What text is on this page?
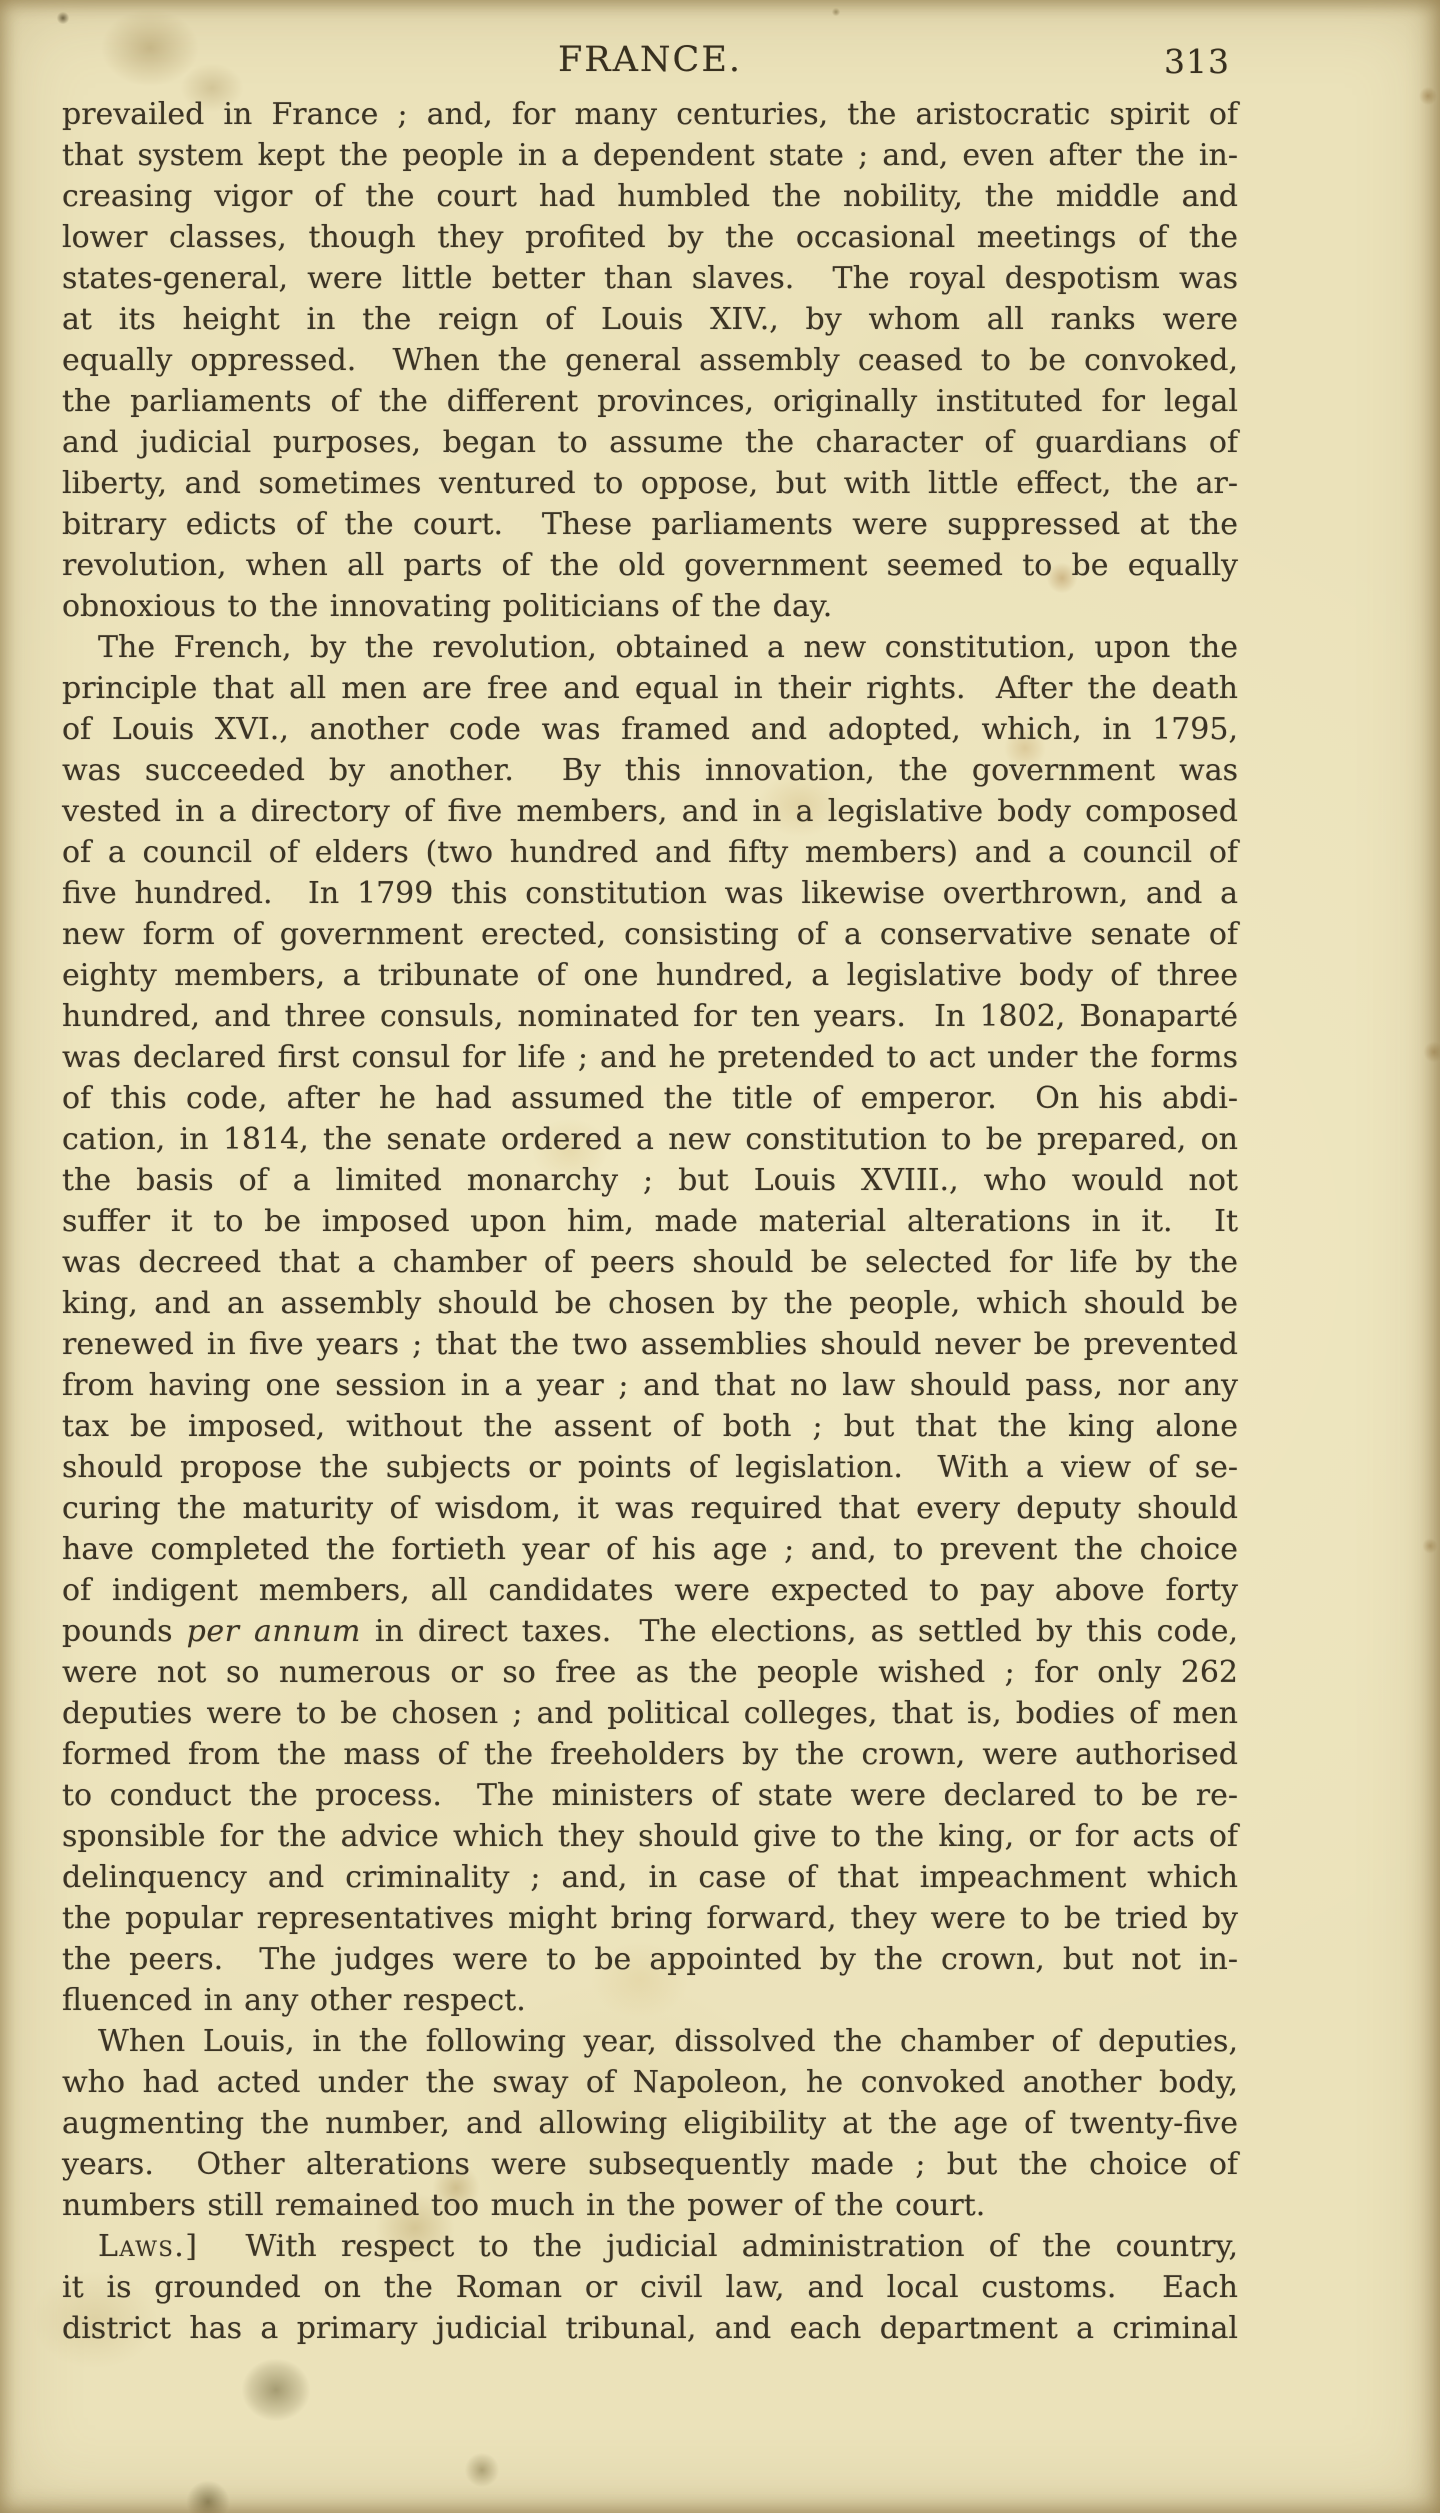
FRANCE.	313
prevailed in France ; and, for many centuries, the aristocratic spirit of
that system kept the people in a dependent state ; and, even after the in-
creasing vigor of the court had humbled the nobility, the middle and
lower classes, though they profited by the occasional meetings of the
states-general, were little better than slaves.  The royal despotism was
at its height in the reign of Louis XIV., by whom all ranks were
equally oppressed.  When the general assembly ceased to be convoked,
the parliaments of the different provinces, originally instituted for legal
and judicial purposes, began to assume the character of guardians of
liberty, and sometimes ventured to oppose, but with little effect, the ar-
bitrary edicts of the court.  These parliaments were suppressed at the
revolution, when all parts of the old government seemed to be equally
obnoxious to the innovating politicians of the day.
The French, by the revolution, obtained a new constitution, upon the
principle that all men are free and equal in their rights.  After the death
of Louis XVI., another code was framed and adopted, which, in 1795,
was succeeded by another.  By this innovation, the government was
vested in a directory of five members, and in a legislative body composed
of a council of elders (two hundred and fifty members) and a council of
five hundred.  In 1799 this constitution was likewise overthrown, and a
new form of government erected, consisting of a conservative senate of
eighty members, a tribunate of one hundred, a legislative body of three
hundred, and three consuls, nominated for ten years.  In 1802, Bonaparté
was declared first consul for life ; and he pretended to act under the forms
of this code, after he had assumed the title of emperor.  On his abdi-
cation, in 1814, the senate ordered a new constitution to be prepared, on
the basis of a limited monarchy ; but Louis XVIII., who would not
suffer it to be imposed upon him, made material alterations in it.  It
was decreed that a chamber of peers should be selected for life by the
king, and an assembly should be chosen by the people, which should be
renewed in five years ; that the two assemblies should never be prevented
from having one session in a year ; and that no law should pass, nor any
tax be imposed, without the assent of both ; but that the king alone
should propose the subjects or points of legislation.  With a view of se-
curing the maturity of wisdom, it was required that every deputy should
have completed the fortieth year of his age ; and, to prevent the choice
of indigent members, all candidates were expected to pay above forty
pounds per annum in direct taxes.  The elections, as settled by this code,
were not so numerous or so free as the people wished ; for only 262
deputies were to be chosen ; and political colleges, that is, bodies of men
formed from the mass of the freeholders by the crown, were authorised
to conduct the process.  The ministers of state were declared to be re-
sponsible for the advice which they should give to the king, or for acts of
delinquency and criminality ; and, in case of that impeachment which
the popular representatives might bring forward, they were to be tried by
the peers.  The judges were to be appointed by the crown, but not in-
fluenced in any other respect.
When Louis, in the following year, dissolved the chamber of deputies,
who had acted under the sway of Napoleon, he convoked another body,
augmenting the number, and allowing eligibility at the age of twenty-five
years.  Other alterations were subsequently made ; but the choice of
numbers still remained too much in the power of the court.
Laws.]  With respect to the judicial administration of the country,
it is grounded on the Roman or civil law, and local customs.  Each
district has a primary judicial tribunal, and each department a criminal
